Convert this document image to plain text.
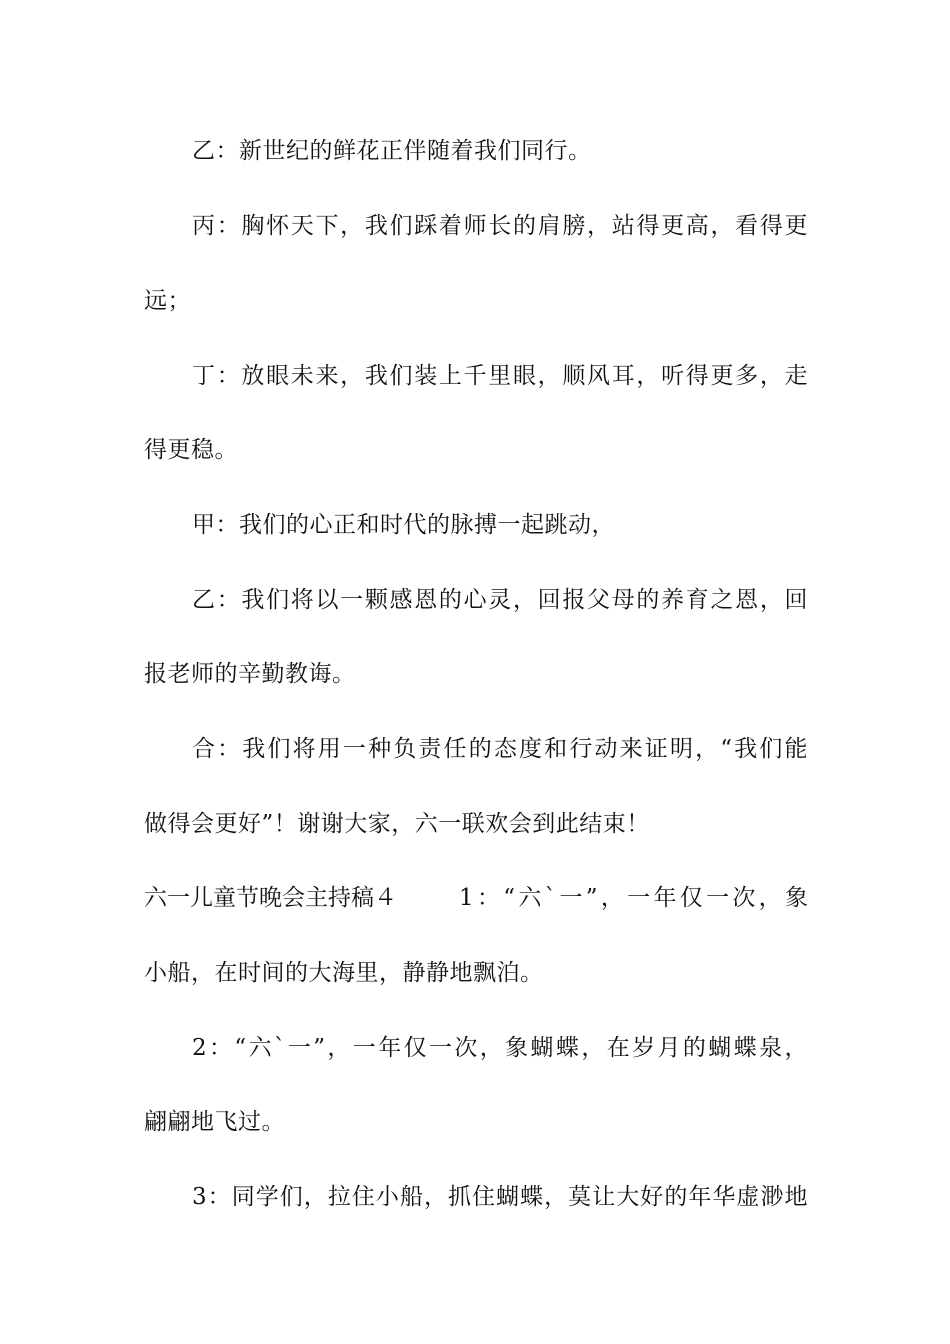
乙：新世纪的鲜花正伴随着我们同行。
丙：胸怀天下，我们踩着师长的肩膀，站得更高，看得更
远；
丁：放眼未来，我们装上千里眼，顺风耳，听得更多，走
得更稳。
甲：我们的心正和时代的脉搏一起跳动，
乙：我们将以一颗感恩的心灵，回报父母的养育之恩，回
报老师的辛勤教诲。
合：我们将用一种负责任的态度和行动来证明，“我们能
做得会更好”！谢谢大家，六一联欢会到此结束！
六一儿童节晚会主持稿４	1：“六`一”，一年仅一次，象
小船，在时间的大海里，静静地飘泊。
2：“六`一”，一年仅一次，象蝴蝶，在岁月的蝴蝶泉，
翩翩地飞过。
3：同学们，拉住小船，抓住蝴蝶，莫让大好的年华虚渺地
